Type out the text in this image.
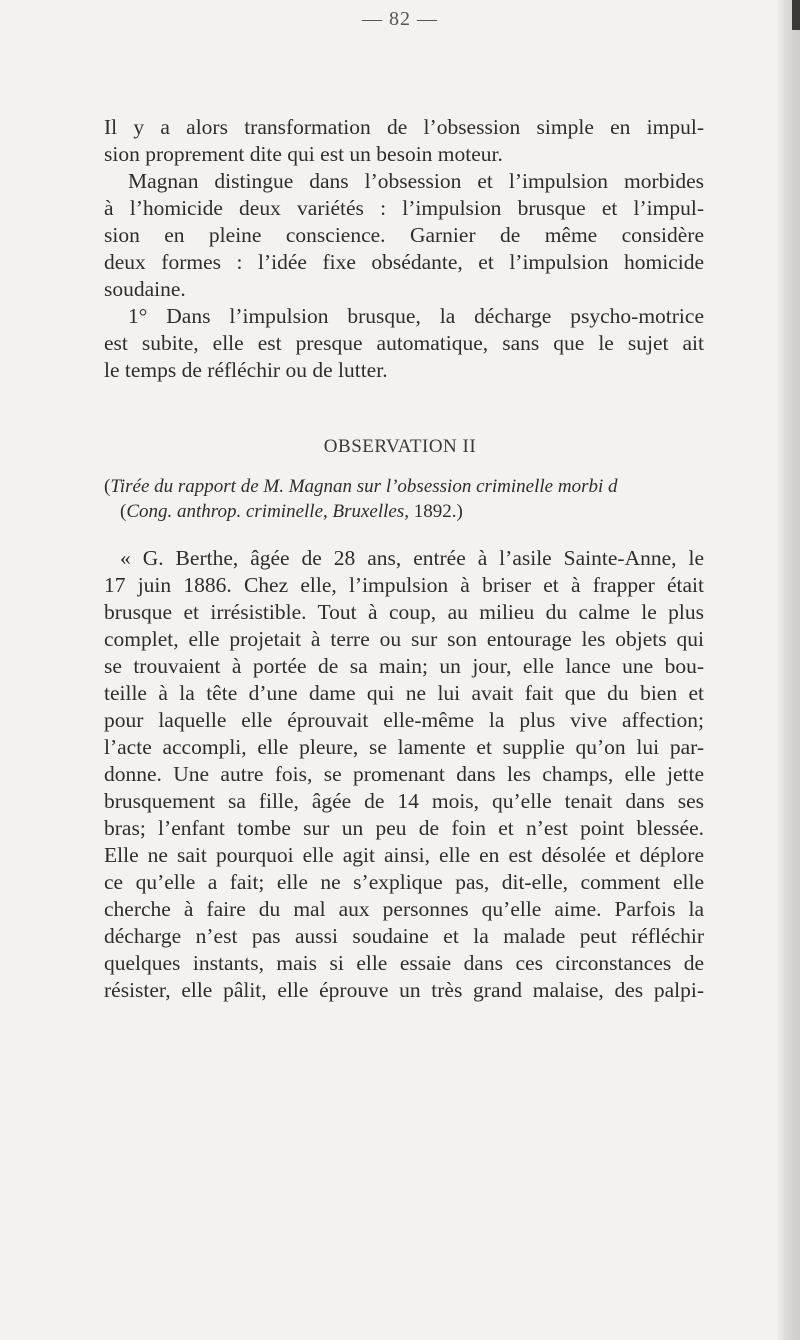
— 82 —
Il y a alors transformation de l’obsession simple en impul-
sion proprement dite qui est un besoin moteur.
Magnan distingue dans l’obsession et l’impulsion morbides
à l’homicide deux variétés : l’impulsion brusque et l’impul-
sion en pleine conscience. Garnier de même considère
deux formes : l’idée fixe obsédante, et l’impulsion homicide
soudaine.
1° Dans l’impulsion brusque, la décharge psycho-motrice
est subite, elle est presque automatique, sans que le sujet ait
le temps de réfléchir ou de lutter.
OBSERVATION II
(Tirée du rapport de M. Magnan sur l’obsession criminelle morbi d
(Cong. anthrop. criminelle, Bruxelles, 1892.)
« G. Berthe, âgée de 28 ans, entrée à l’asile Sainte-Anne, le
17 juin 1886. Chez elle, l’impulsion à briser et à frapper était
brusque et irrésistible. Tout à coup, au milieu du calme le plus
complet, elle projetait à terre ou sur son entourage les objets qui
se trouvaient à portée de sa main; un jour, elle lance une bou-
teille à la tête d’une dame qui ne lui avait fait que du bien et
pour laquelle elle éprouvait elle-même la plus vive affection;
l’acte accompli, elle pleure, se lamente et supplie qu’on lui par-
donne. Une autre fois, se promenant dans les champs, elle jette
brusquement sa fille, âgée de 14 mois, qu’elle tenait dans ses
bras; l’enfant tombe sur un peu de foin et n’est point blessée.
Elle ne sait pourquoi elle agit ainsi, elle en est désolée et déplore
ce qu’elle a fait; elle ne s’explique pas, dit-elle, comment elle
cherche à faire du mal aux personnes qu’elle aime. Parfois la
décharge n’est pas aussi soudaine et la malade peut réfléchir
quelques instants, mais si elle essaie dans ces circonstances de
résister, elle pâlit, elle éprouve un très grand malaise, des palpi-
